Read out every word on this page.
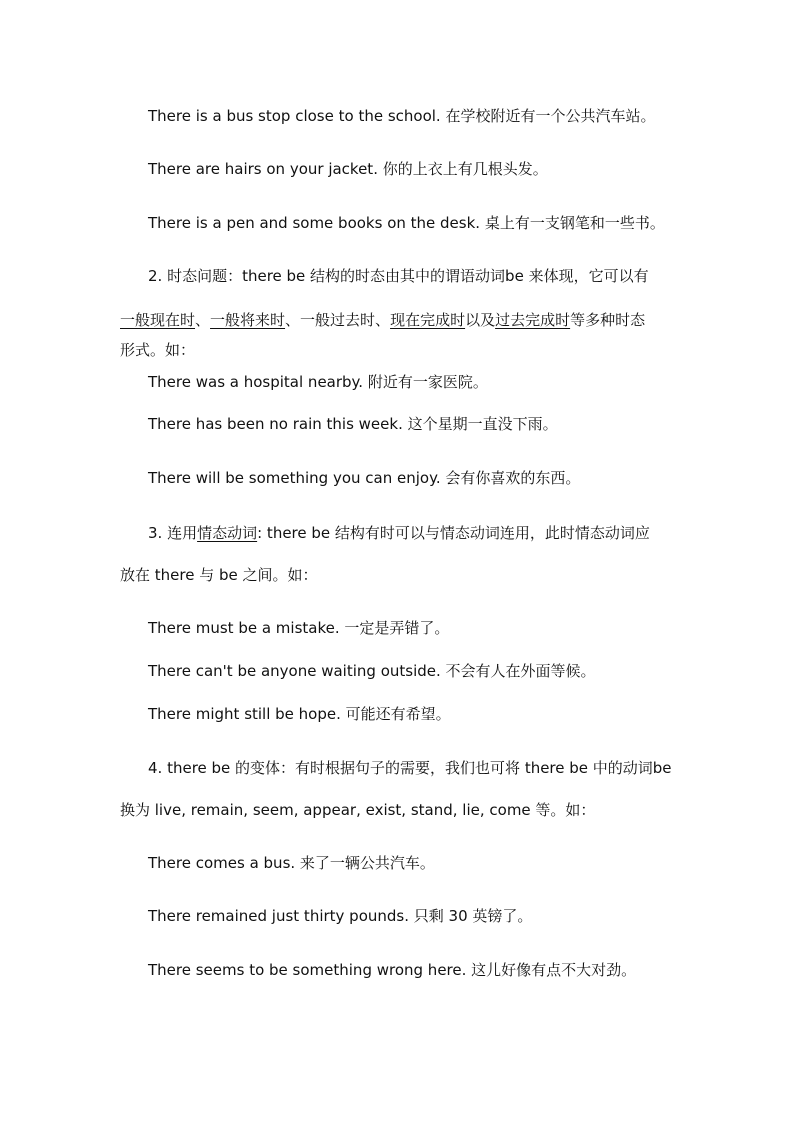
There is a bus stop close to the school. 在学校附近有一个公共汽车站。
There are hairs on your jacket. 你的上衣上有几根头发。
There is a pen and some books on the desk. 桌上有一支钢笔和一些书。
2. 时态问题：there be 结构的时态由其中的谓语动词be 来体现，它可以有
一般现在时、一般将来时、一般过去时、现在完成时以及过去完成时等多种时态
形式。如：
There was a hospital nearby. 附近有一家医院。
There has been no rain this week. 这个星期一直没下雨。
There will be something you can enjoy. 会有你喜欢的东西。
3. 连用情态动词: there be 结构有时可以与情态动词连用，此时情态动词应
放在 there 与 be 之间。如：
There must be a mistake. 一定是弄错了。
There can't be anyone waiting outside. 不会有人在外面等候。
There might still be hope. 可能还有希望。
4. there be 的变体：有时根据句子的需要，我们也可将 there be 中的动词be
换为 live, remain, seem, appear, exist, stand, lie, come 等。如：
There comes a bus. 来了一辆公共汽车。
There remained just thirty pounds. 只剩 30 英镑了。
There seems to be something wrong here. 这儿好像有点不大对劲。
